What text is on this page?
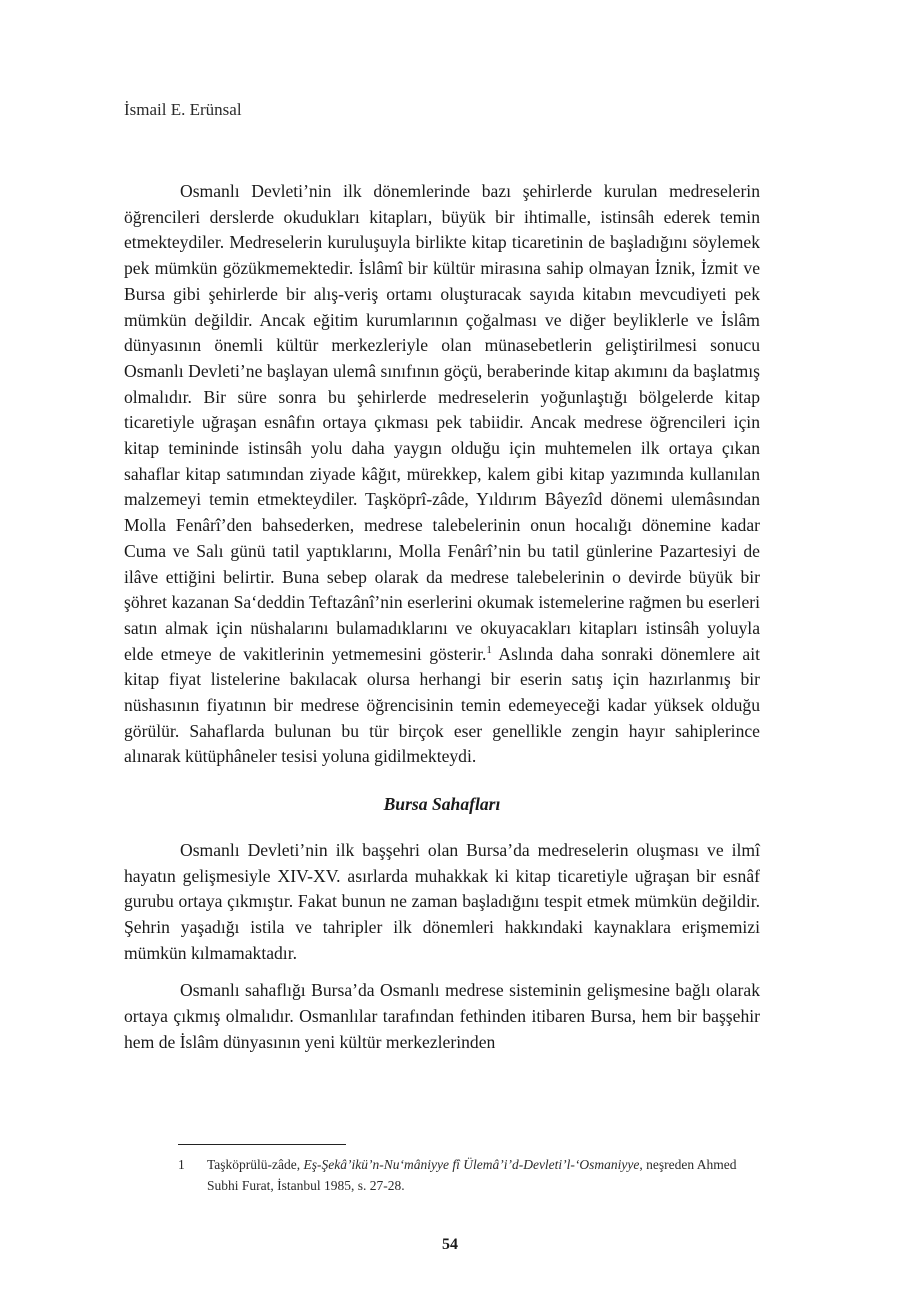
İsmail E. Erünsal

Osmanlı Devleti’nin ilk dönemlerinde bazı şehirlerde kurulan medreselerin öğrencileri derslerde okudukları kitapları, büyük bir ihtimalle, istinsâh ederek temin etmekteydiler. Medreselerin kuruluşuyla birlikte kitap ticaretinin de başladığını söylemek pek mümkün gözükmemektedir. İslâmî bir kültür mirasına sahip olmayan İznik, İzmit ve Bursa gibi şehirlerde bir alış-veriş ortamı oluşturacak sayıda kitabın mevcudiyeti pek mümkün değildir. Ancak eğitim kurumlarının çoğalması ve diğer beyliklerle ve İslâm dünyasının önemli kültür merkezleriyle olan münasebetlerin geliştirilmesi sonucu Osmanlı Devleti’ne başlayan ulemâ sınıfının göçü, beraberinde kitap akımını da başlatmış olmalıdır. Bir süre sonra bu şehirlerde medreselerin yoğunlaştığı bölgelerde kitap ticaretiyle uğraşan esnâfın ortaya çıkması pek tabiidir. Ancak medrese öğrencileri için kitap temininde istinsâh yolu daha yaygın olduğu için muhtemelen ilk ortaya çıkan sahaflar kitap satımından ziyade kâğıt, mürekkep, kalem gibi kitap yazımında kullanılan malzemeyi temin etmekteydiler. Taşköprî-zâde, Yıldırım Bâyezîd dönemi ulemâsından Molla Fenârî’den bahsederken, medrese talebelerinin onun hocalığı dönemine kadar Cuma ve Salı günü tatil yaptıklarını, Molla Fenârî’nin bu tatil günlerine Pazartesiyi de ilâve ettiğini belirtir. Buna sebep olarak da medrese talebelerinin o devirde büyük bir şöhret kazanan Sa‘deddin Teftazânî’nin eserlerini okumak istemelerine rağmen bu eserleri satın almak için nüshalarını bulamadıklarını ve okuyacakları kitapları istinsâh yoluyla elde etmeye de vakitlerinin yetmemesini gösterir.$^1$ Aslında daha sonraki dönemlere ait kitap fiyat listelerine bakılacak olursa herhangi bir eserin satış için hazırlanmış bir nüshasının fiyatının bir medrese öğrencisinin temin edemeyeceği kadar yüksek olduğu görülür. Sahaflarda bulunan bu tür birçok eser genellikle zengin hayır sahiplerince alınarak kütüphâneler tesisi yoluna gidilmekteydi.

Bursa Sahafları

Osmanlı Devleti’nin ilk başşehri olan Bursa’da medreselerin oluşması ve ilmî hayatın gelişmesiyle XIV-XV. asırlarda muhakkak ki kitap ticaretiyle uğraşan bir esnâf gurubu ortaya çıkmıştır. Fakat bunun ne zaman başladığını tespit etmek mümkün değildir. Şehrin yaşadığı istila ve tahripler ilk dönemleri hakkındaki kaynaklara erişmemizi mümkün kılmamaktadır.

Osmanlı sahaflığı Bursa’da Osmanlı medrese sisteminin gelişmesine bağlı olarak ortaya çıkmış olmalıdır. Osmanlılar tarafından fethinden itibaren Bursa, hem bir başşehir hem de İslâm dünyasının yeni kültür merkezlerinden

1 Taşköprülü-zâde, Eş-Şekâ’ikü’n-Nu‘mâniyye fî Ülemâ’i’d-Devleti’l-‘Osmaniyye, neşreden Ahmed Subhi Furat, İstanbul 1985, s. 27-28.
54
